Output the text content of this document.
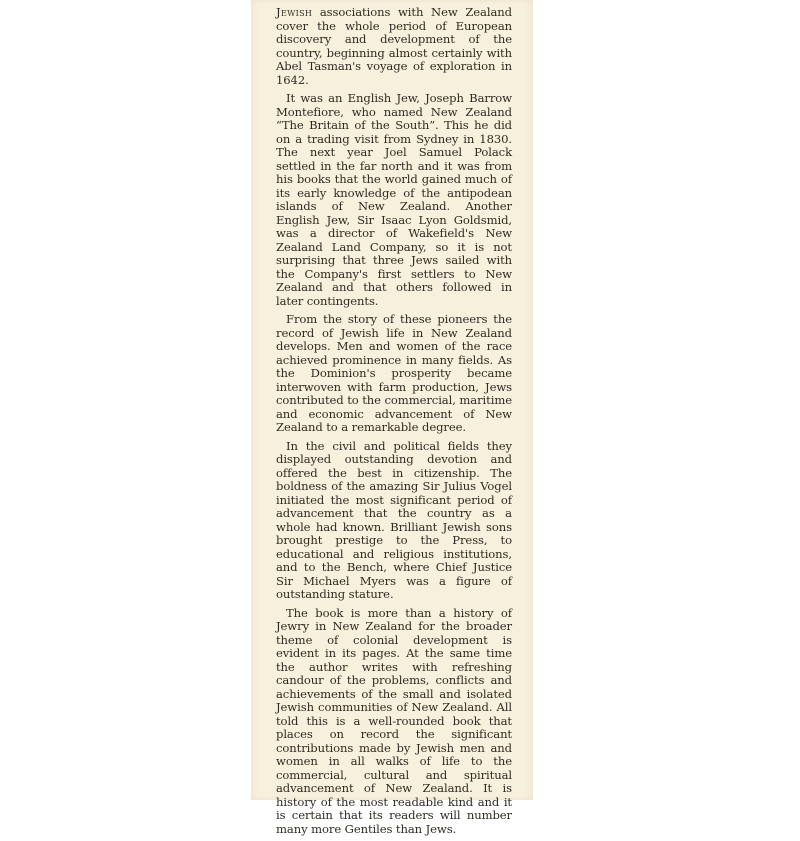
Jewish associations with New Zealand cover the whole period of European discovery and development of the country, beginning almost certainly with Abel Tasman's voyage of exploration in 1642.

It was an English Jew, Joseph Barrow Montefiore, who named New Zealand “The Britain of the South”. This he did on a trading visit from Sydney in 1830. The next year Joel Samuel Polack settled in the far north and it was from his books that the world gained much of its early knowledge of the antipodean islands of New Zealand. Another English Jew, Sir Isaac Lyon Goldsmid, was a director of Wakefield's New Zealand Land Company, so it is not surprising that three Jews sailed with the Company's first settlers to New Zealand and that others followed in later contingents.

From the story of these pioneers the record of Jewish life in New Zealand develops. Men and women of the race achieved prominence in many fields. As the Dominion's prosperity became interwoven with farm production, Jews contributed to the commercial, maritime and economic advancement of New Zealand to a remarkable degree.

In the civil and political fields they displayed outstanding devotion and offered the best in citizenship. The boldness of the amazing Sir Julius Vogel initiated the most significant period of advancement that the country as a whole had known. Brilliant Jewish sons brought prestige to the Press, to educational and religious institutions, and to the Bench, where Chief Justice Sir Michael Myers was a figure of outstanding stature.

The book is more than a history of Jewry in New Zealand for the broader theme of colonial development is evident in its pages. At the same time the author writes with refreshing candour of the problems, conflicts and achievements of the small and isolated Jewish communities of New Zealand. All told this is a well-rounded book that places on record the significant contributions made by Jewish men and women in all walks of life to the commercial, cultural and spiritual advancement of New Zealand. It is history of the most readable kind and it is certain that its readers will number many more Gentiles than Jews.
